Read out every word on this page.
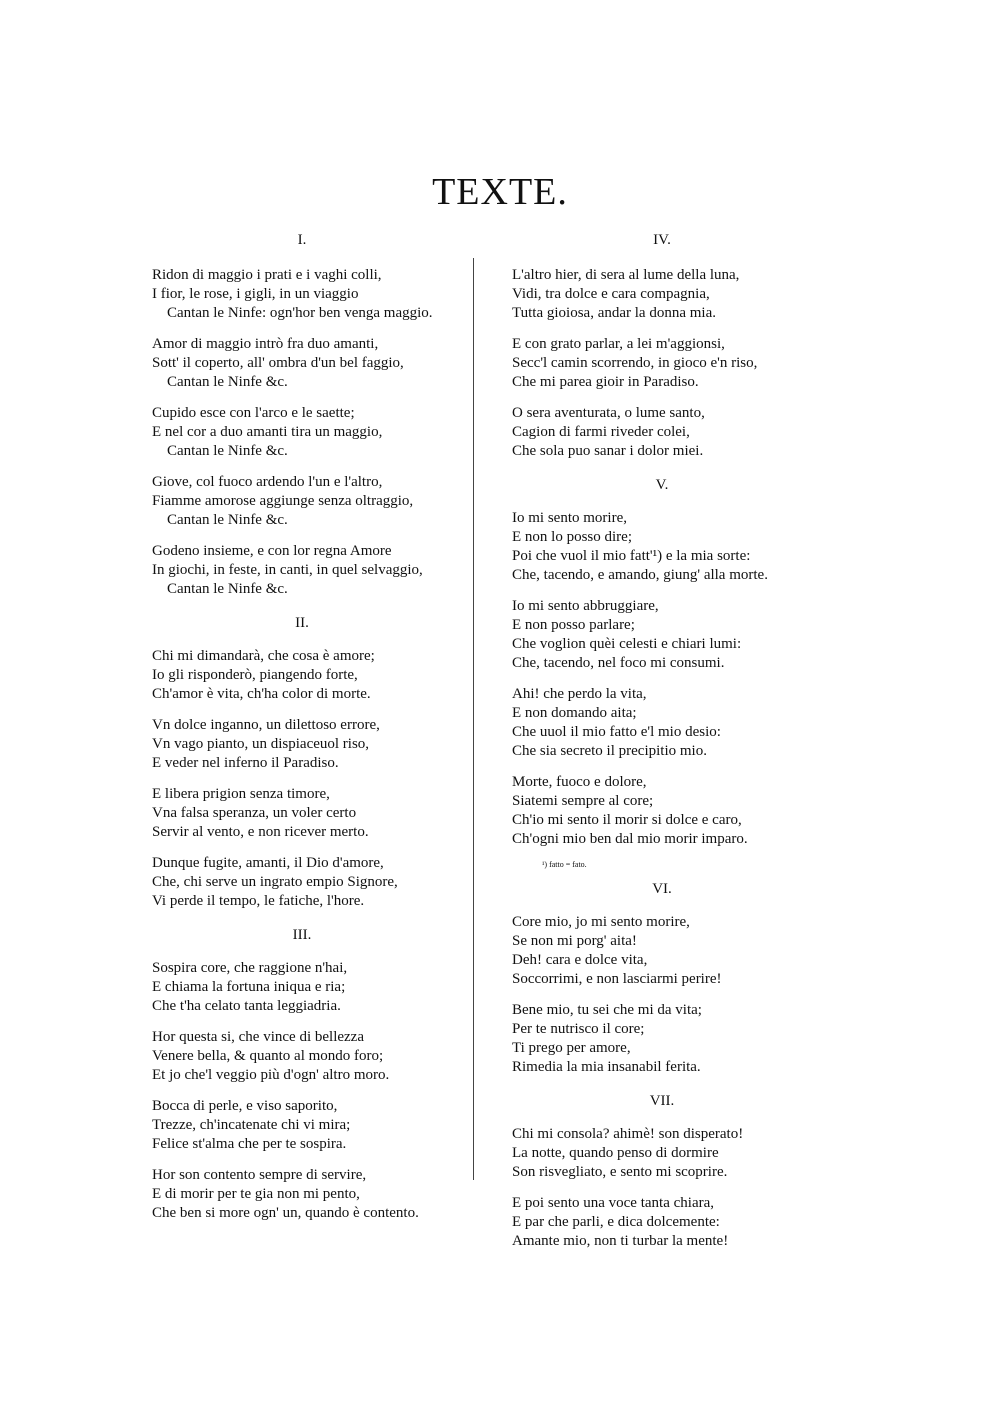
TEXTE.
I.
Ridon di maggio i prati e i vaghi colli,
I fior, le rose, i gigli, in un viaggio
Cantan le Ninfe: ogn'hor ben venga maggio.
Amor di maggio intrò fra duo amanti,
Sott' il coperto, all' ombra d'un bel faggio,
Cantan le Ninfe &c.
Cupido esce con l'arco e le saette;
E nel cor a duo amanti tira un maggio,
Cantan le Ninfe &c.
Giove, col fuoco ardendo l'un e l'altro,
Fiamme amorose aggiunge senza oltraggio,
Cantan le Ninfe &c.
Godeno insieme, e con lor regna Amore
In giochi, in feste, in canti, in quel selvaggio,
Cantan le Ninfe &c.
II.
Chi mi dimandarà, che cosa è amore;
Io gli risponderò, piangendo forte,
Ch'amor è vita, ch'ha color di morte.
Vn dolce inganno, un dilettoso errore,
Vn vago pianto, un dispiaceuol riso,
E veder nel inferno il Paradiso.
E libera prigion senza timore,
Vna falsa speranza, un voler certo
Servir al vento, e non ricever merto.
Dunque fugite, amanti, il Dio d'amore,
Che, chi serve un ingrato empio Signore,
Vi perde il tempo, le fatiche, l'hore.
III.
Sospira core, che raggione n'hai,
E chiama la fortuna iniqua e ria;
Che t'ha celato tanta leggiadria.
Hor questa si, che vince di bellezza
Venere bella, & quanto al mondo foro;
Et jo che'l veggio più d'ogn' altro moro.
Bocca di perle, e viso saporito,
Trezze, ch'incatenate chi vi mira;
Felice st'alma che per te sospira.
Hor son contento sempre di servire,
E di morir per te gia non mi pento,
Che ben si more ogn' un, quando è contento.
IV.
L'altro hier, di sera al lume della luna,
Vidi, tra dolce e cara compagnia,
Tutta gioiosa, andar la donna mia.
E con grato parlar, a lei m'aggionsi,
Secc'l camin scorrendo, in gioco e'n riso,
Che mi parea gioir in Paradiso.
O sera aventurata, o lume santo,
Cagion di farmi riveder colei,
Che sola puo sanar i dolor miei.
V.
Io mi sento morire,
E non lo posso dire;
Poi che vuol il mio fatt'¹) e la mia sorte:
Che, tacendo, e amando, giung' alla morte.
Io mi sento abbruggiare,
E non posso parlare;
Che voglion quèi celesti e chiari lumi:
Che, tacendo, nel foco mi consumi.
Ahi! che perdo la vita,
E non domando aita;
Che uuol il mio fatto e'l mio desio:
Che sia secreto il precipitio mio.
Morte, fuoco e dolore,
Siatemi sempre al core;
Ch'io mi sento il morir si dolce e caro,
Ch'ogni mio ben dal mio morir imparo.
¹) fatto = fato.
VI.
Core mio, jo mi sento morire,
Se non mi porg' aita!
Deh! cara e dolce vita,
Soccorrimi, e non lasciarmi perire!
Bene mio, tu sei che mi da vita;
Per te nutrisco il core;
Ti prego per amore,
Rimedia la mia insanabil ferita.
VII.
Chi mi consola? ahimè! son disperato!
La notte, quando penso di dormire
Son risvegliato, e sento mi scoprire.
E poi sento una voce tanta chiara,
E par che parli, e dica dolcemente:
Amante mio, non ti turbar la mente!
